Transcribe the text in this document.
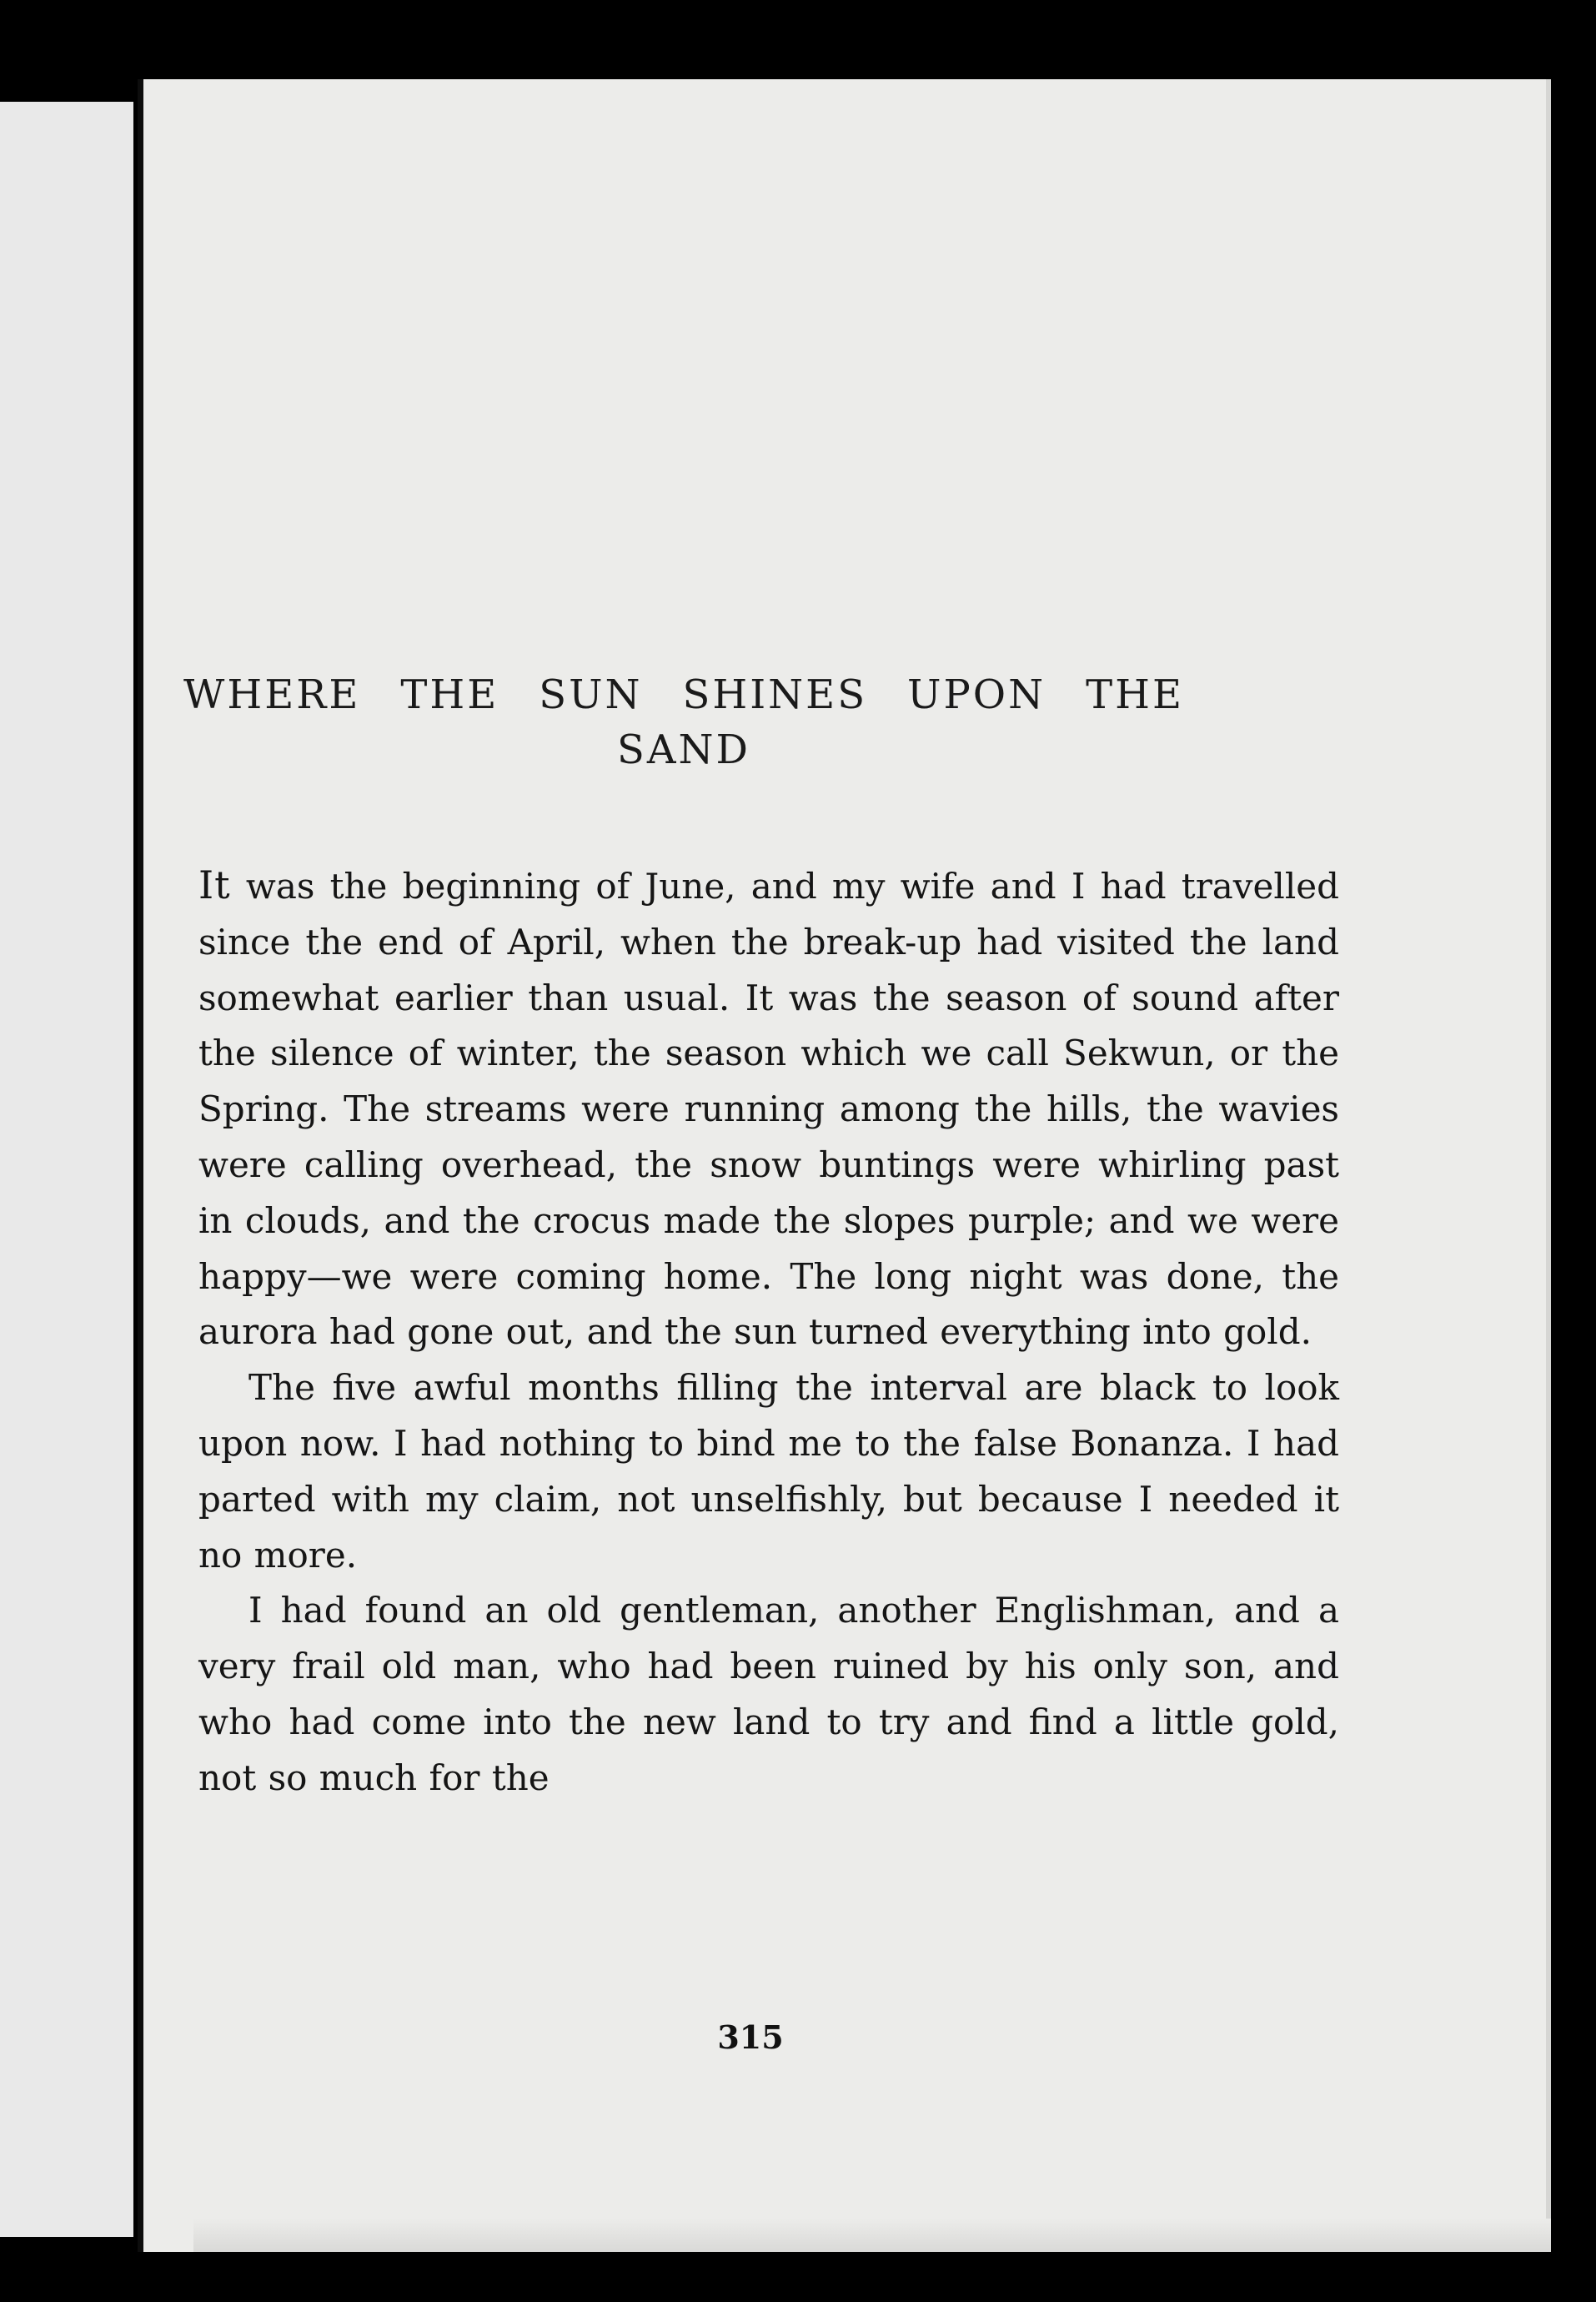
WHERE THE SUN SHINES UPON THE
SAND

It was the beginning of June, and my wife and I had travelled since the end of April, when the break-up had visited the land somewhat earlier than usual. It was the season of sound after the silence of winter, the season which we call Sekwun, or the Spring. The streams were running among the hills, the wavies were calling overhead, the snow buntings were whirling past in clouds, and the crocus made the slopes purple; and we were happy—we were coming home. The long night was done, the aurora had gone out, and the sun turned everything into gold.

The five awful months filling the interval are black to look upon now. I had nothing to bind me to the false Bonanza. I had parted with my claim, not unselfishly, but because I needed it no more.

I had found an old gentleman, another Englishman, and a very frail old man, who had been ruined by his only son, and who had come into the new land to try and find a little gold, not so much for the

315
